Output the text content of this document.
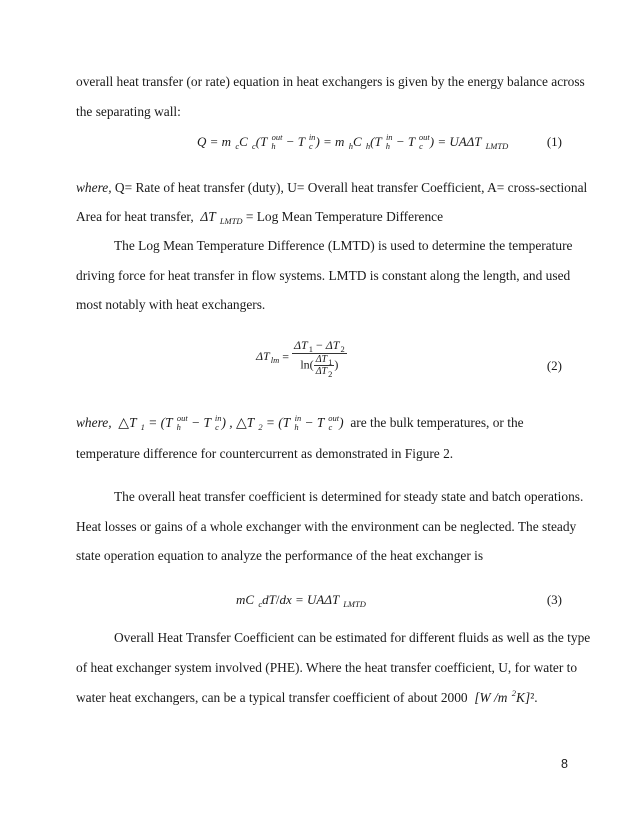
overall heat transfer (or rate) equation in heat exchangers is given by the energy balance across
the separating wall:
Q = m $_c$C $_c$(T $_h^{out}$ − T $_c^{in}$) = m $_h$C $_h$(T $_h^{in}$ − T $_c^{out}$) = UAΔT $_{LMTD}$	(1)
where, Q= Rate of heat transfer (duty), U= Overall heat transfer Coefficient, A= cross-sectional
Area for heat transfer,  ΔT $_{LMTD}$ = Log Mean Temperature Difference
The Log Mean Temperature Difference (LMTD) is used to determine the temperature
driving force for heat transfer in flow systems. LMTD is constant along the length, and used
most notably with heat exchangers.
$\Delta T_{lm} = \frac{\Delta T_1 - \Delta T_2}{\ln( \frac{\Delta T_1}{\Delta T_2} )}$	(2)
where, △T $_1$ = (T $_h^{out}$ − T $_c^{in}$) , △T $_2$ = (T $_h^{in}$ − T $_c^{out}$)  are the bulk temperatures, or the
temperature difference for countercurrent as demonstrated in Figure 2.
The overall heat transfer coefficient is determined for steady state and batch operations.
Heat losses or gains of a whole exchanger with the environment can be neglected. The steady
state operation equation to analyze the performance of the heat exchanger is
mC $_c$dT/dx = UAΔT $_{LMTD}$	(3)
Overall Heat Transfer Coefficient can be estimated for different fluids as well as the type
of heat exchanger system involved (PHE). Where the heat transfer coefficient, U, for water to
water heat exchangers, can be a typical transfer coefficient of about 2000  [W /m $^2$K]².
8
